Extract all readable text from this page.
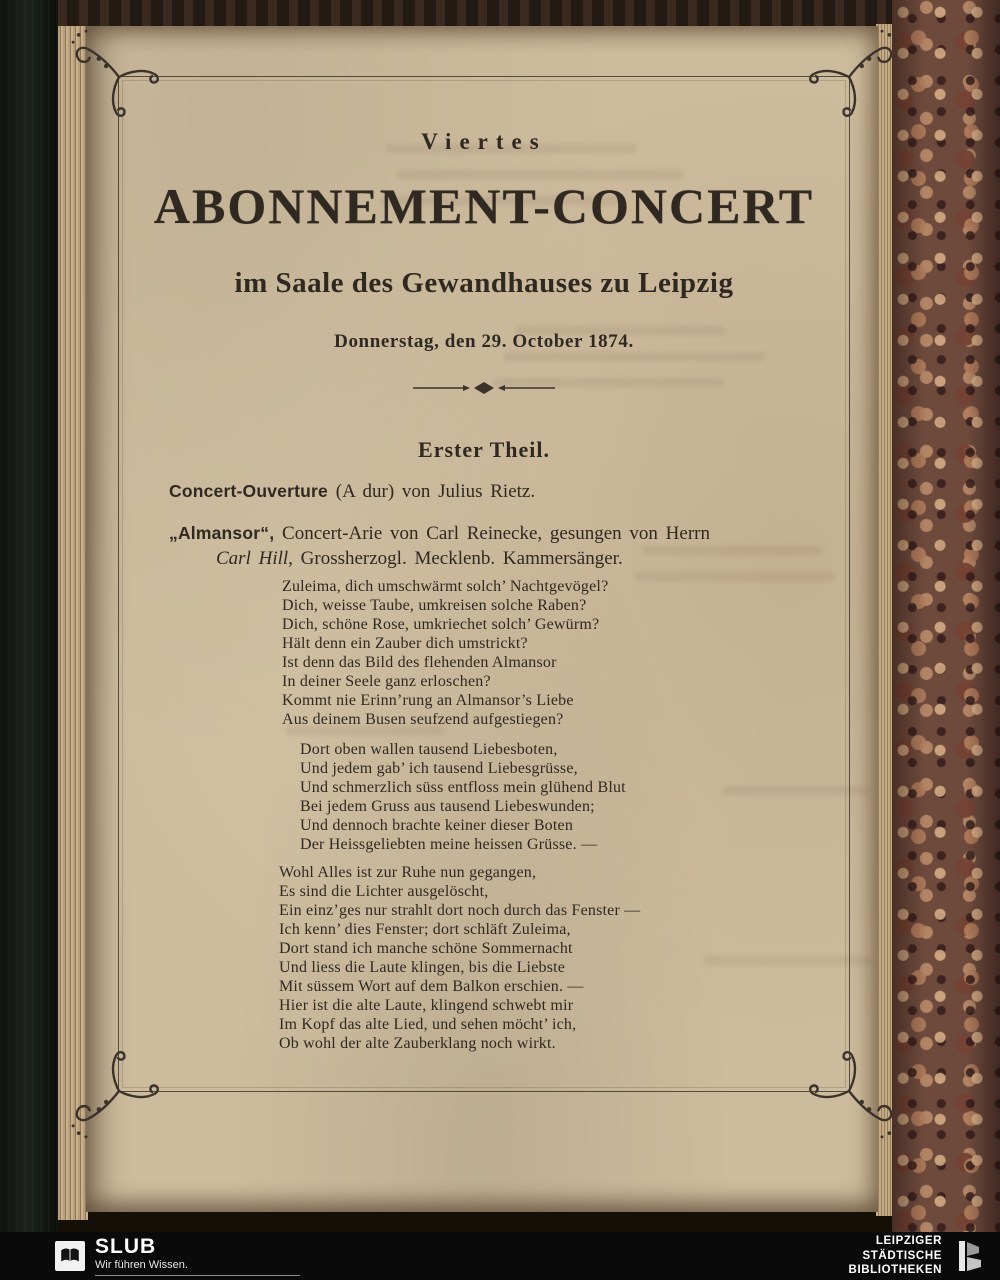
Viertes
ABONNEMENT-CONCERT
im Saale des Gewandhauses zu Leipzig
Donnerstag, den 29. October 1874.
Erster Theil.
Concert-Ouverture (A dur) von Julius Rietz.
„Almansor“, Concert-Arie von Carl Reinecke, gesungen von Herrn
Carl Hill, Grossherzogl. Mecklenb. Kammersänger.
Zuleima, dich umschwärmt solch’ Nachtgevögel?
Dich, weisse Taube, umkreisen solche Raben?
Dich, schöne Rose, umkriechet solch’ Gewürm?
Hält denn ein Zauber dich umstrickt?
Ist denn das Bild des flehenden Almansor
In deiner Seele ganz erloschen?
Kommt nie Erinn’rung an Almansor’s Liebe
Aus deinem Busen seufzend aufgestiegen?
Dort oben wallen tausend Liebesboten,
Und jedem gab’ ich tausend Liebesgrüsse,
Und schmerzlich süss entfloss mein glühend Blut
Bei jedem Gruss aus tausend Liebeswunden;
Und dennoch brachte keiner dieser Boten
Der Heissgeliebten meine heissen Grüsse. —
Wohl Alles ist zur Ruhe nun gegangen,
Es sind die Lichter ausgelöscht,
Ein einz’ges nur strahlt dort noch durch das Fenster —
Ich kenn’ dies Fenster; dort schläft Zuleima,
Dort stand ich manche schöne Sommernacht
Und liess die Laute klingen, bis die Liebste
Mit süssem Wort auf dem Balkon erschien. —
Hier ist die alte Laute, klingend schwebt mir
Im Kopf das alte Lied, und sehen möcht’ ich,
Ob wohl der alte Zauberklang noch wirkt.
SLUB
Wir führen Wissen.
LEIPZIGER
STÄDTISCHE
BIBLIOTHEKEN
